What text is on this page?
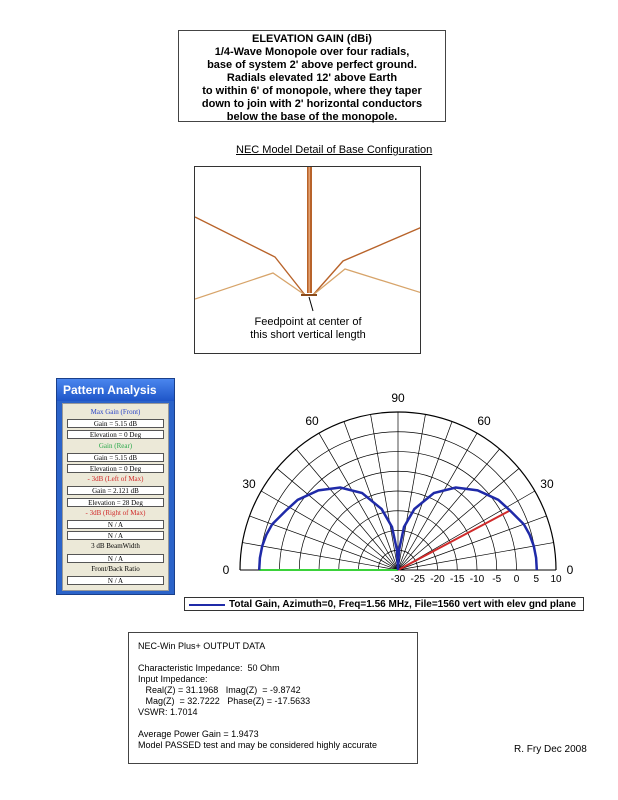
ELEVATION GAIN (dBi)
1/4-Wave Monopole over four radials,
base of system 2' above perfect ground.
Radials elevated 12' above Earth
to within 6' of monopole, where they taper
down to join with 2' horizontal conductors
below the base of the monopole.
NEC Model Detail of Base Configuration
Feedpoint at center of
this short vertical length
Pattern Analysis
Max Gain (Front)
Gain = 5.15 dB
Elevation = 0 Deg
Gain (Rear)
Gain = 5.15 dB
Elevation = 0 Deg
- 3dB (Left of Max)
Gain = 2.121 dB
Elevation = 28 Deg
- 3dB (Right of Max)
N / A
N / A
3 dB BeamWidth
N / A
Front/Back Ratio
N / A
0
30
60
90
60
30
0
-30 -25 -20 -15 -10 -5 0 5 10
Total Gain, Azimuth=0, Freq=1.56 MHz, File=1560 vert with elev gnd plane
NEC-Win Plus+ OUTPUT DATA
Characteristic Impedance:  50 Ohm
Input Impedance:
Real(Z) = 31.1968   Imag(Z)  = -9.8742
Mag(Z)  = 32.7222   Phase(Z) = -17.5633
VSWR: 1.7014
Average Power Gain = 1.9473
Model PASSED test and may be considered highly accurate	R. Fry Dec 2008
